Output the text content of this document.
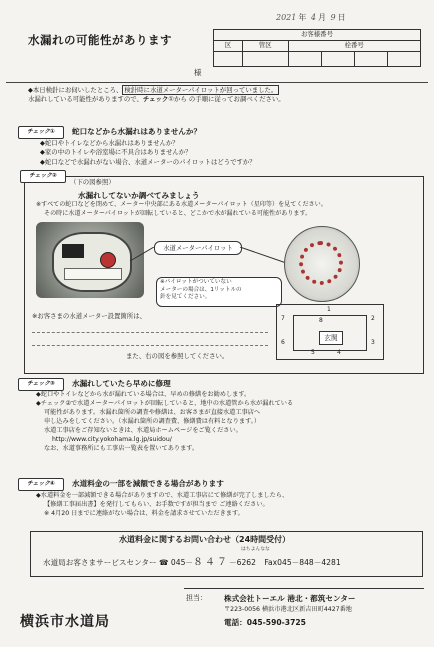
2021 年 4 月 9 日
水漏れの可能性があります	お客様番号					
区	管区	栓番号			

様
◆本日検針にお伺いしたところ、 検針時に水道メーターパイロットが回っていました。
水漏れしている可能性がありますので、チェック①から の手順に従ってお調べください。
チェック①	蛇口などから水漏れはありませんか？
◆蛇口やトイレなどから水漏れはありませんか？
◆家の中のトイレや浴室場に不具合はありませんか？
◆蛇口などで水漏れがない場合、水道メーターのパイロットはどうですか？
チェック②
（下の図参照）
水漏れしてないか調べてみましょう
※すべての蛇口などを閉めて、メーター中央部にある水道メーターパイロット（星印等）を見てください。
その時に水道メーターパイロットが回転していると、どこかで水が漏れている可能性があります。
水道メーターパイロット
※パイロットがついていない
メーターの場合は、1リットルの
針を見てください。
※お客さまの水道メーター設置箇所は、
また、右の図を参照してください。
7
1
2
6	3
5	4
8
玄関
チェック③	水漏れしていたら早めに修理
◆蛇口やトイレなどから水が漏れている場合は、早めの修繕をお勧めします。
◆チェック②で水道メーターパイロットが回転していると、地中の水道管から水が漏れている
可能性があります。水漏れ箇所の調査や修繕は、お客さまが直接水道工事店へ
申し込みをしてください。（水漏れ箇所の調査費、修繕費は有料となります。）
水道工事店をご存知ないときは、水道局ホームページをご覧ください。
http://www.city.yokohama.lg.jp/suidou/
なお、水道事務所にも工事店一覧表を置いてあります。
チェック④	水道料金の一部を減額できる場合があります
◆水道料金を一部減額できる場合がありますので、水道工事店にて修繕が完了しましたら、
【修繕工事届出書】を発行してもらい、お手数ですが担当まで ご連絡ください。
※ 4月20 日までに連絡がない場合は、料金を請求させていただきます。
水道料金に関するお問い合わせ（24時間受付）
はちよんなな
水道局お客さまサービスセンター ☎ 045－８４７－6262 Fax045－848－4281
横浜市水道局
担当： 株式会社トーエル 港北・都筑センター
〒223-0056 横浜市港北区新吉田町4427番地
電話：045-590-3725
